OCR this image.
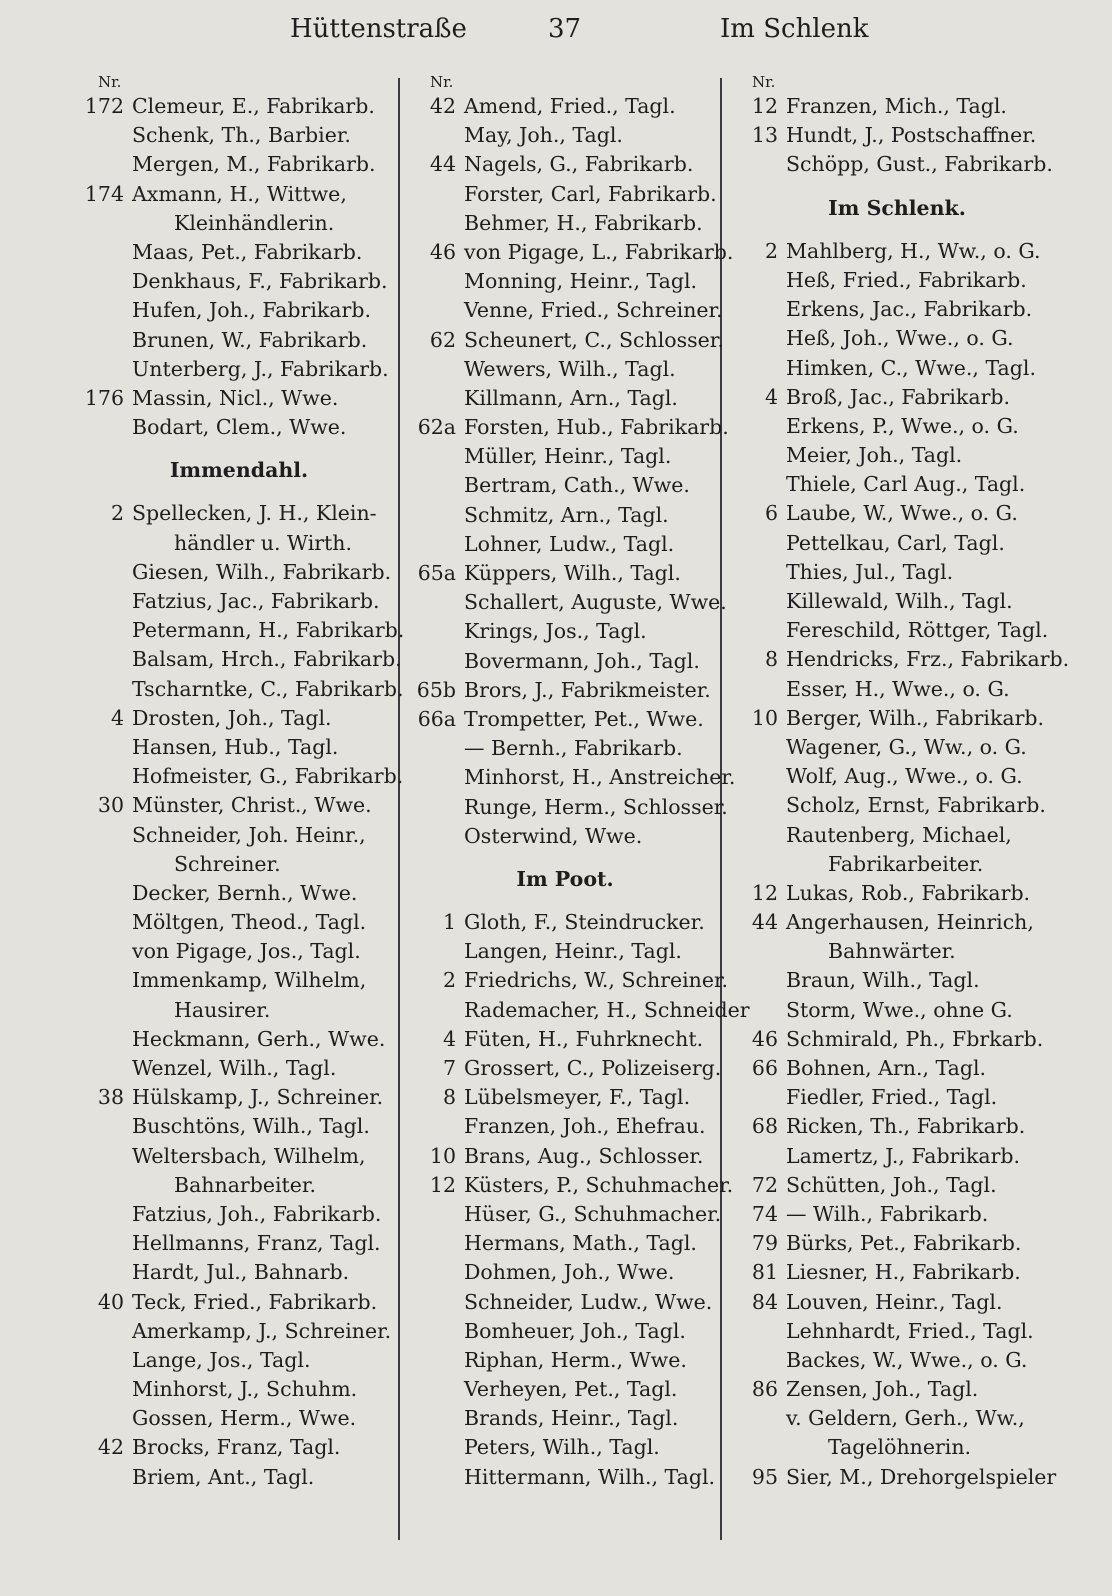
Hüttenstraße	37	Im Schlenk
Nr.
172 Clemeur, E., Fabrikarb.
Schenk, Th., Barbier.
Mergen, M., Fabrikarb.
174 Axmann, H., Wittwe,
Kleinhändlerin.
Maas, Pet., Fabrikarb.
Denkhaus, F., Fabrikarb.
Hufen, Joh., Fabrikarb.
Brunen, W., Fabrikarb.
Unterberg, J., Fabrikarb.
176 Massin, Nicl., Wwe.
Bodart, Clem., Wwe.
Immendahl.
2 Spellecken, J. H., Klein-
händler u. Wirth.
Giesen, Wilh., Fabrikarb.
Fatzius, Jac., Fabrikarb.
Petermann, H., Fabrikarb.
Balsam, Hrch., Fabrikarb.
Tscharntke, C., Fabrikarb.
4 Drosten, Joh., Tagl.
Hansen, Hub., Tagl.
Hofmeister, G., Fabrikarb.
30 Münster, Christ., Wwe.
Schneider, Joh. Heinr.,
Schreiner.
Decker, Bernh., Wwe.
Möltgen, Theod., Tagl.
von Pigage, Jos., Tagl.
Immenkamp, Wilhelm,
Hausirer.
Heckmann, Gerh., Wwe.
Wenzel, Wilh., Tagl.
38 Hülskamp, J., Schreiner.
Buschtöns, Wilh., Tagl.
Weltersbach, Wilhelm,
Bahnarbeiter.
Fatzius, Joh., Fabrikarb.
Hellmanns, Franz, Tagl.
Hardt, Jul., Bahnarb.
40 Teck, Fried., Fabrikarb.
Amerkamp, J., Schreiner.
Lange, Jos., Tagl.
Minhorst, J., Schuhm.
Gossen, Herm., Wwe.
42 Brocks, Franz, Tagl.
Briem, Ant., Tagl.
Nr.
42 Amend, Fried., Tagl.
May, Joh., Tagl.
44 Nagels, G., Fabrikarb.
Forster, Carl, Fabrikarb.
Behmer, H., Fabrikarb.
46 von Pigage, L., Fabrikarb.
Monning, Heinr., Tagl.
Venne, Fried., Schreiner.
62 Scheunert, C., Schlosser.
Wewers, Wilh., Tagl.
Killmann, Arn., Tagl.
62a Forsten, Hub., Fabrikarb.
Müller, Heinr., Tagl.
Bertram, Cath., Wwe.
Schmitz, Arn., Tagl.
Lohner, Ludw., Tagl.
65a Küppers, Wilh., Tagl.
Schallert, Auguste, Wwe.
Krings, Jos., Tagl.
Bovermann, Joh., Tagl.
65b Brors, J., Fabrikmeister.
66a Trompetter, Pet., Wwe.
— Bernh., Fabrikarb.
Minhorst, H., Anstreicher.
Runge, Herm., Schlosser.
Osterwind, Wwe.
Im Poot.
1 Gloth, F., Steindrucker.
Langen, Heinr., Tagl.
2 Friedrichs, W., Schreiner.
Rademacher, H., Schneider
4 Füten, H., Fuhrknecht.
7 Grossert, C., Polizeiserg.
8 Lübelsmeyer, F., Tagl.
Franzen, Joh., Ehefrau.
10 Brans, Aug., Schlosser.
12 Küsters, P., Schuhmacher.
Hüser, G., Schuhmacher.
Hermans, Math., Tagl.
Dohmen, Joh., Wwe.
Schneider, Ludw., Wwe.
Bomheuer, Joh., Tagl.
Riphan, Herm., Wwe.
Verheyen, Pet., Tagl.
Brands, Heinr., Tagl.
Peters, Wilh., Tagl.
Hittermann, Wilh., Tagl.
Nr.
12 Franzen, Mich., Tagl.
13 Hundt, J., Postschaffner.
Schöpp, Gust., Fabrikarb.
Im Schlenk.
2 Mahlberg, H., Ww., o. G.
Heß, Fried., Fabrikarb.
Erkens, Jac., Fabrikarb.
Heß, Joh., Wwe., o. G.
Himken, C., Wwe., Tagl.
4 Broß, Jac., Fabrikarb.
Erkens, P., Wwe., o. G.
Meier, Joh., Tagl.
Thiele, Carl Aug., Tagl.
6 Laube, W., Wwe., o. G.
Pettelkau, Carl, Tagl.
Thies, Jul., Tagl.
Killewald, Wilh., Tagl.
Fereschild, Röttger, Tagl.
8 Hendricks, Frz., Fabrikarb.
Esser, H., Wwe., o. G.
10 Berger, Wilh., Fabrikarb.
Wagener, G., Ww., o. G.
Wolf, Aug., Wwe., o. G.
Scholz, Ernst, Fabrikarb.
Rautenberg, Michael,
Fabrikarbeiter.
12 Lukas, Rob., Fabrikarb.
44 Angerhausen, Heinrich,
Bahnwärter.
Braun, Wilh., Tagl.
Storm, Wwe., ohne G.
46 Schmirald, Ph., Fbrkarb.
66 Bohnen, Arn., Tagl.
Fiedler, Fried., Tagl.
68 Ricken, Th., Fabrikarb.
Lamertz, J., Fabrikarb.
72 Schütten, Joh., Tagl.
74 — Wilh., Fabrikarb.
79 Bürks, Pet., Fabrikarb.
81 Liesner, H., Fabrikarb.
84 Louven, Heinr., Tagl.
Lehnhardt, Fried., Tagl.
Backes, W., Wwe., o. G.
86 Zensen, Joh., Tagl.
v. Geldern, Gerh., Ww.,
Tagelöhnerin.
95 Sier, M., Drehorgelspieler
